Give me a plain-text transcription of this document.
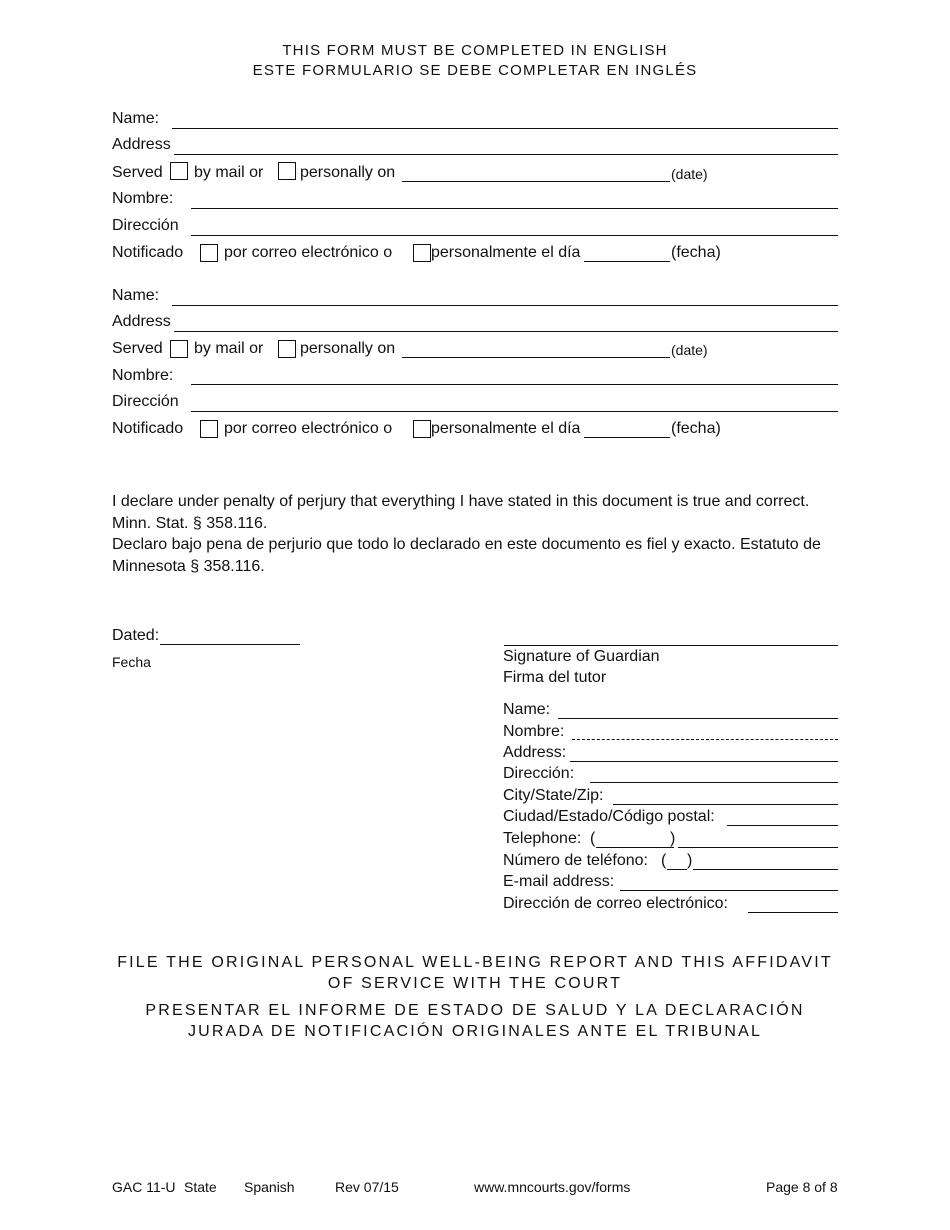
THIS FORM MUST BE COMPLETED IN ENGLISH
ESTE FORMULARIO SE DEBE COMPLETAR EN INGLÉS
Name:
Address
Served by mail or personally on	(date)
Nombre:
Dirección
Notificado	por correo electrónico o personalmente el día	(fecha)
Name:
Address
Served by mail or personally on	(date)
Nombre:
Dirección
Notificado	por correo electrónico o personalmente el día	(fecha)
I declare under penalty of perjury that everything I have stated in this document is true and correct. Minn. Stat. § 358.116.
Declaro bajo pena de perjurio que todo lo declarado en este documento es fiel y exacto. Estatuto de Minnesota § 358.116.
Dated:
Fecha	Signature of Guardian
Firma del tutor
Name:
Nombre:
Address:
Dirección:
City/State/Zip:
Ciudad/Estado/Código postal:
Telephone: (	)
Número de teléfono: ( )
E-mail address:
Dirección de correo electrónico:
FILE THE ORIGINAL PERSONAL WELL-BEING REPORT AND THIS AFFIDAVIT
OF SERVICE WITH THE COURT
PRESENTAR EL INFORME DE ESTADO DE SALUD Y LA DECLARACIÓN
JURADA DE NOTIFICACIÓN ORIGINALES ANTE EL TRIBUNAL
GAC 11-U State Spanish	Rev 07/15	www.mncourts.gov/forms	Page 8 of 8
